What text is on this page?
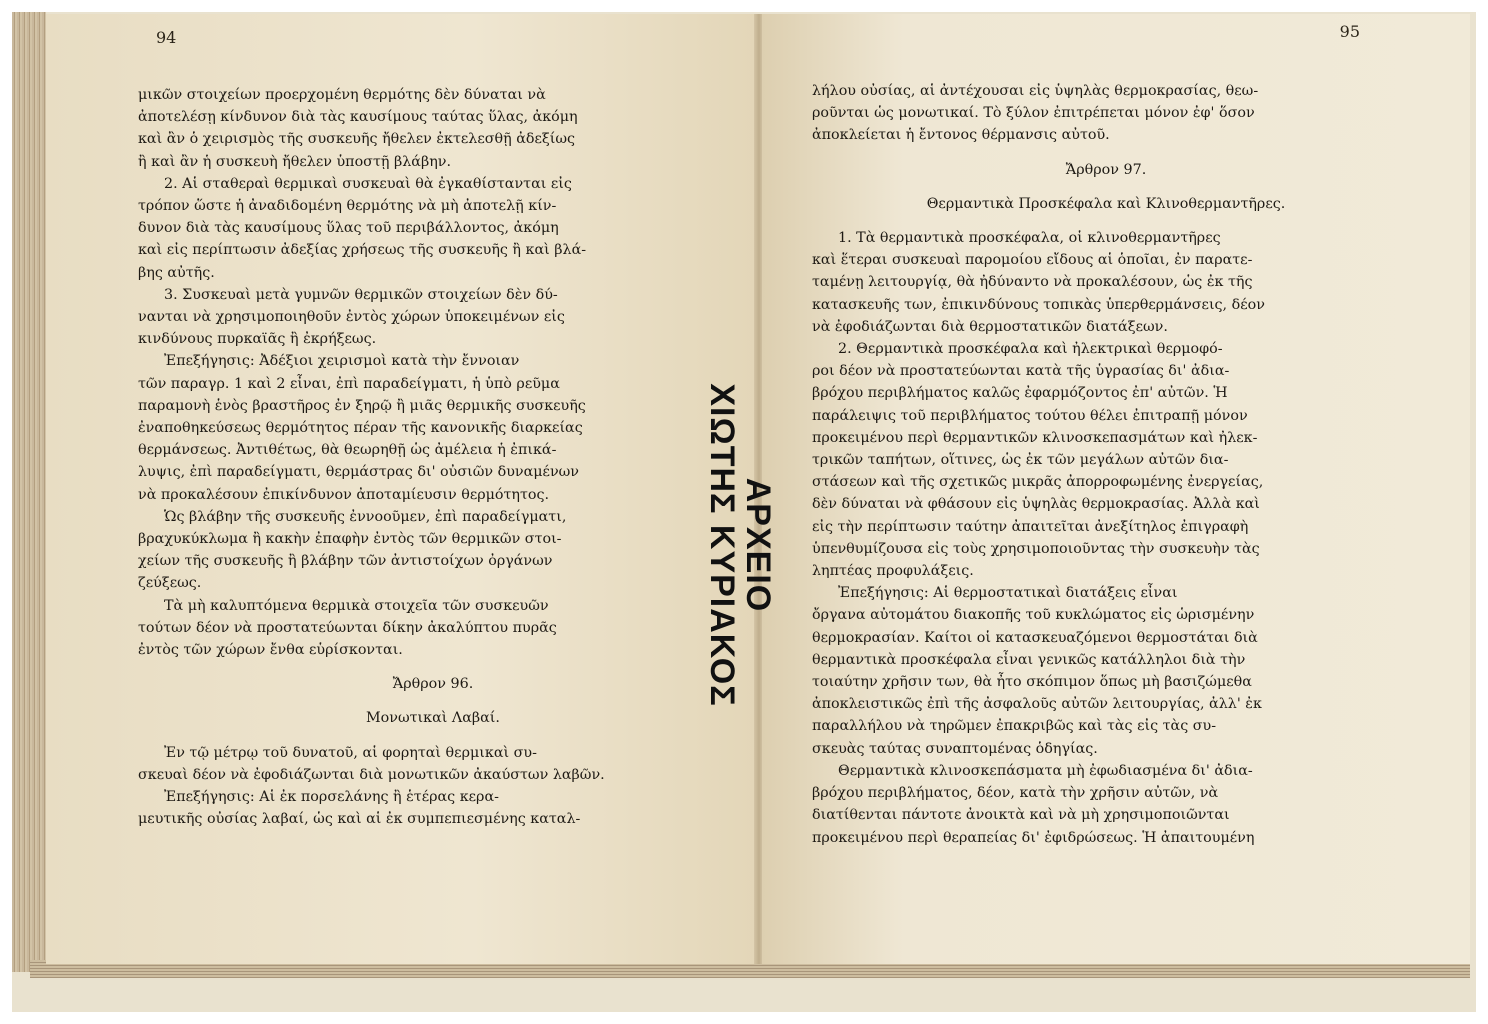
94
μικῶν στοιχείων προερχομένη θερμότης δὲν δύναται νὰ
ἀποτελέσῃ κίνδυνον διὰ τὰς καυσίμους ταύτας ὕλας, ἀκόμη
καὶ ἂν ὁ χειρισμὸς τῆς συσκευῆς ἤθελεν ἐκτελεσθῇ ἀδεξίως
ἢ καὶ ἂν ἡ συσκευὴ ἤθελεν ὑποστῇ βλάβην.
2. Αἱ σταθεραὶ θερμικαὶ συσκευαὶ θὰ ἐγκαθίστανται εἰς
τρόπον ὥστε ἡ ἀναδιδομένη θερμότης νὰ μὴ ἀποτελῇ κίν-
δυνον διὰ τὰς καυσίμους ὕλας τοῦ περιβάλλοντος, ἀκόμη
καὶ εἰς περίπτωσιν ἀδεξίας χρήσεως τῆς συσκευῆς ἢ καὶ βλά-
βης αὐτῆς.
3. Συσκευαὶ μετὰ γυμνῶν θερμικῶν στοιχείων δὲν δύ-
νανται νὰ χρησιμοποιηθοῦν ἐντὸς χώρων ὑποκειμένων εἰς
κινδύνους πυρκαϊᾶς ἢ ἐκρήξεως.
Ἐπεξήγησις: Ἀδέξιοι χειρισμοὶ κατὰ τὴν ἔννοιαν
τῶν παραγρ. 1 καὶ 2 εἶναι, ἐπὶ παραδείγματι, ἡ ὑπὸ ρεῦμα
παραμονὴ ἑνὸς βραστῆρος ἐν ξηρῷ ἢ μιᾶς θερμικῆς συσκευῆς
ἐναποθηκεύσεως θερμότητος πέραν τῆς κανονικῆς διαρκείας
θερμάνσεως. Ἀντιθέτως, θὰ θεωρηθῇ ὡς ἀμέλεια ἡ ἐπικά-
λυψις, ἐπὶ παραδείγματι, θερμάστρας δι' οὐσιῶν δυναμένων
νὰ προκαλέσουν ἐπικίνδυνον ἀποταμίευσιν θερμότητος.
Ὡς βλάβην τῆς συσκευῆς ἐννοοῦμεν, ἐπὶ παραδείγματι,
βραχυκύκλωμα ἢ κακὴν ἐπαφὴν ἐντὸς τῶν θερμικῶν στοι-
χείων τῆς συσκευῆς ἢ βλάβην τῶν ἀντιστοίχων ὀργάνων
ζεύξεως.
Τὰ μὴ καλυπτόμενα θερμικὰ στοιχεῖα τῶν συσκευῶν
τούτων δέον νὰ προστατεύωνται δίκην ἀκαλύπτου πυρᾶς
ἐντὸς τῶν χώρων ἔνθα εὑρίσκονται.
Ἄρθρον 96.
Μονωτικαὶ Λαβαί.
Ἐν τῷ μέτρῳ τοῦ δυνατοῦ, αἱ φορηταὶ θερμικαὶ συ-
σκευαὶ δέον νὰ ἐφοδιάζωνται διὰ μονωτικῶν ἀκαύστων λαβῶν.
Ἐπεξήγησις: Αἱ ἐκ πορσελάνης ἢ ἑτέρας κερα-
μευτικῆς οὐσίας λαβαί, ὡς καὶ αἱ ἐκ συμπεπιεσμένης καταλ-
95
λήλου οὐσίας, αἱ ἀντέχουσαι εἰς ὑψηλὰς θερμοκρασίας, θεω-
ροῦνται ὡς μονωτικαί. Τὸ ξύλον ἐπιτρέπεται μόνον ἐφ' ὅσον
ἀποκλείεται ἡ ἔντονος θέρμανσις αὐτοῦ.
Ἄρθρον 97.
Θερμαντικὰ Προσκέφαλα καὶ Κλινοθερμαντῆρες.
1. Τὰ θερμαντικὰ προσκέφαλα, οἱ κλινοθερμαντῆρες
καὶ ἕτεραι συσκευαὶ παρομοίου εἴδους αἱ ὁποῖαι, ἐν παρατε-
ταμένῃ λειτουργίᾳ, θὰ ἠδύναντο νὰ προκαλέσουν, ὡς ἐκ τῆς
κατασκευῆς των, ἐπικινδύνους τοπικὰς ὑπερθερμάνσεις, δέον
νὰ ἐφοδιάζωνται διὰ θερμοστατικῶν διατάξεων.
2. Θερμαντικὰ προσκέφαλα καὶ ἠλεκτρικαὶ θερμοφό-
ροι δέον νὰ προστατεύωνται κατὰ τῆς ὑγρασίας δι' ἀδια-
βρόχου περιβλήματος καλῶς ἐφαρμόζοντος ἐπ' αὐτῶν. Ἡ
παράλειψις τοῦ περιβλήματος τούτου θέλει ἐπιτραπῇ μόνον
προκειμένου περὶ θερμαντικῶν κλινοσκεπασμάτων καὶ ἠλεκ-
τρικῶν ταπήτων, οἵτινες, ὡς ἐκ τῶν μεγάλων αὐτῶν δια-
στάσεων καὶ τῆς σχετικῶς μικρᾶς ἀπορροφωμένης ἐνεργείας,
δὲν δύναται νὰ φθάσουν εἰς ὑψηλὰς θερμοκρασίας. Ἀλλὰ καὶ
εἰς τὴν περίπτωσιν ταύτην ἀπαιτεῖται ἀνεξίτηλος ἐπιγραφὴ
ὑπενθυμίζουσα εἰς τοὺς χρησιμοποιοῦντας τὴν συσκευὴν τὰς
ληπτέας προφυλάξεις.
Ἐπεξήγησις: Αἱ θερμοστατικαὶ διατάξεις εἶναι
ὄργανα αὐτομάτου διακοπῆς τοῦ κυκλώματος εἰς ὡρισμένην
θερμοκρασίαν. Καίτοι οἱ κατασκευαζόμενοι θερμοστάται διὰ
θερμαντικὰ προσκέφαλα εἶναι γενικῶς κατάλληλοι διὰ τὴν
τοιαύτην χρῆσιν των, θὰ ἦτο σκόπιμον ὅπως μὴ βασιζώμεθα
ἀποκλειστικῶς ἐπὶ τῆς ἀσφαλοῦς αὐτῶν λειτουργίας, ἀλλ' ἐκ
παραλλήλου νὰ τηρῶμεν ἐπακριβῶς καὶ τὰς εἰς τὰς συ-
σκευὰς ταύτας συναπτομένας ὁδηγίας.
Θερμαντικὰ κλινοσκεπάσματα μὴ ἐφωδιασμένα δι' ἀδια-
βρόχου περιβλήματος, δέον, κατὰ τὴν χρῆσιν αὐτῶν, νὰ
διατίθενται πάντοτε ἀνοικτὰ καὶ νὰ μὴ χρησιμοποιῶνται
προκειμένου περὶ θεραπείας δι' ἐφιδρώσεως. Ἡ ἀπαιτουμένη
ΑΡΧΕΙΟ
ΧΙΩΤΗΣ ΚΥΡΙΑΚΟΣ
